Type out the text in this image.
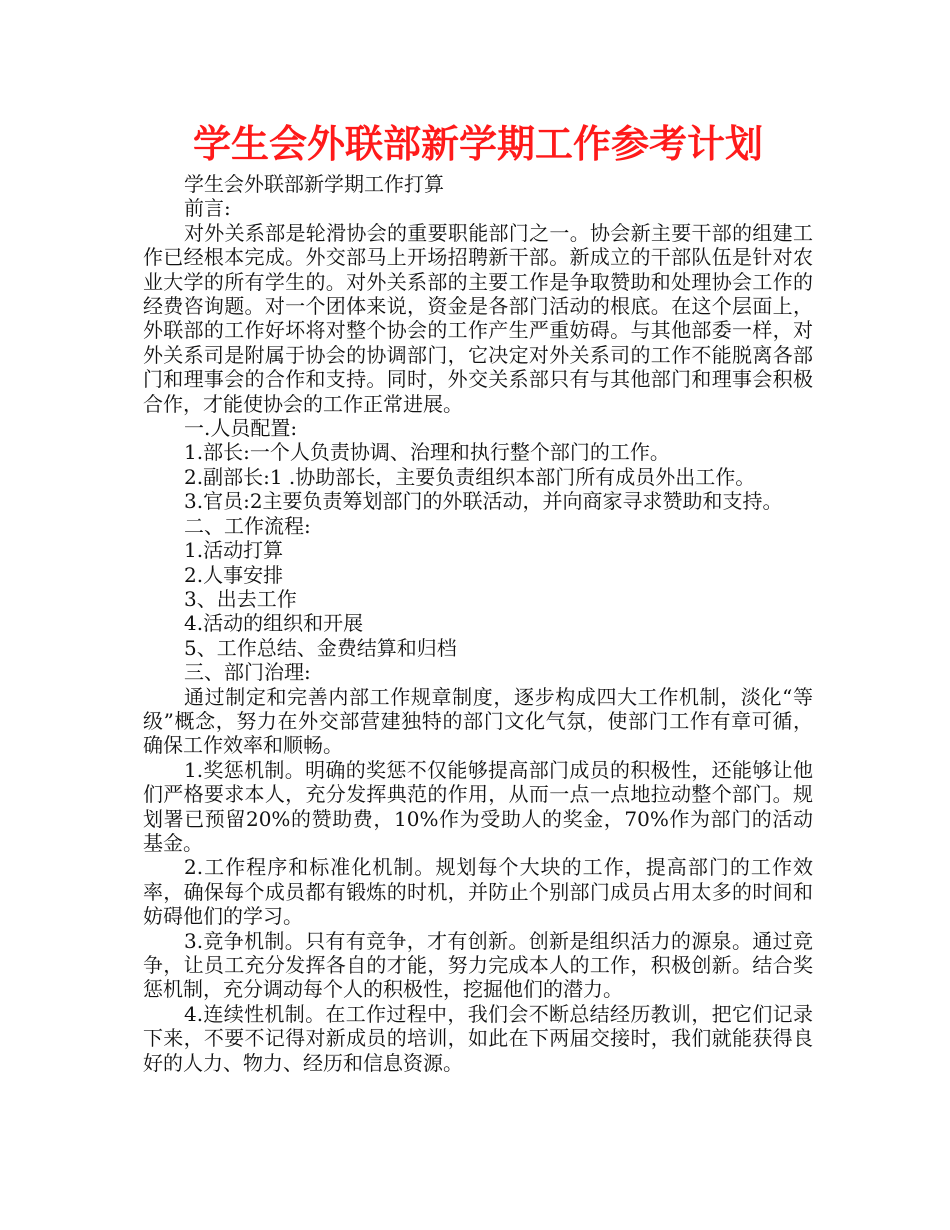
学生会外联部新学期工作参考计划

学生会外联部新学期工作打算

前言:

对外关系部是轮滑协会的重要职能部门之一。协会新主要干部的组建工作已经根本完成。外交部马上开场招聘新干部。新成立的干部队伍是针对农业大学的所有学生的。对外关系部的主要工作是争取赞助和处理协会工作的经费咨询题。对一个团体来说，资金是各部门活动的根底。在这个层面上，外联部的工作好坏将对整个协会的工作产生严重妨碍。与其他部委一样，对外关系司是附属于协会的协调部门，它决定对外关系司的工作不能脱离各部门和理事会的合作和支持。同时，外交关系部只有与其他部门和理事会积极合作，才能使协会的工作正常进展。

一.人员配置:

1.部长:一个人负责协调、治理和执行整个部门的工作。

2.副部长:1 .协助部长，主要负责组织本部门所有成员外出工作。

3.官员:2主要负责筹划部门的外联活动，并向商家寻求赞助和支持。

二、工作流程:

1.活动打算

2.人事安排

3、出去工作

4.活动的组织和开展

5、工作总结、金费结算和归档

三、部门治理:

通过制定和完善内部工作规章制度，逐步构成四大工作机制，淡化“等级”概念，努力在外交部营建独特的部门文化气氛，使部门工作有章可循，确保工作效率和顺畅。

1.奖惩机制。明确的奖惩不仅能够提高部门成员的积极性，还能够让他们严格要求本人，充分发挥典范的作用，从而一点一点地拉动整个部门。规划署已预留20%的赞助费，10%作为受助人的奖金，70%作为部门的活动基金。

2.工作程序和标准化机制。规划每个大块的工作，提高部门的工作效率，确保每个成员都有锻炼的时机，并防止个别部门成员占用太多的时间和妨碍他们的学习。

3.竞争机制。只有有竞争，才有创新。创新是组织活力的源泉。通过竞争，让员工充分发挥各自的才能，努力完成本人的工作，积极创新。结合奖惩机制，充分调动每个人的积极性，挖掘他们的潜力。

4.连续性机制。在工作过程中，我们会不断总结经历教训，把它们记录下来，不要不记得对新成员的培训，如此在下两届交接时，我们就能获得良好的人力、物力、经历和信息资源。
